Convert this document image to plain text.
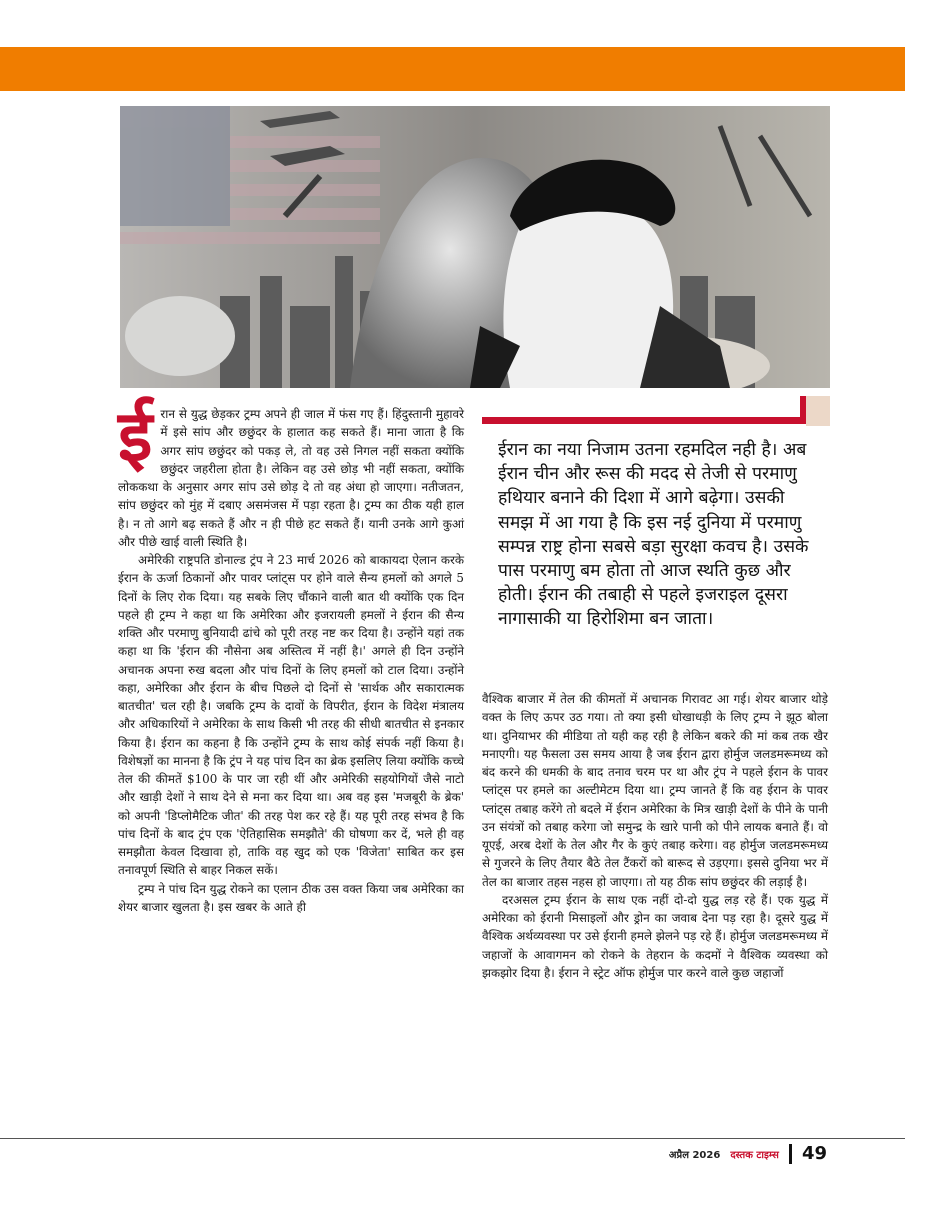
ई रान से युद्ध छेड़कर ट्रम्प अपने ही जाल में फंस गए हैं। हिंदुस्तानी मुहावरे में इसे सांप और छछुंदर के हालात कह सकते हैं। माना जाता है कि अगर सांप छछुंदर को पकड़ ले, तो वह उसे निगल नहीं सकता क्योंकि छछुंदर जहरीला होता है। लेकिन वह उसे छोड़ भी नहीं सकता, क्योंकि लोककथा के अनुसार अगर सांप उसे छोड़ दे तो वह अंधा हो जाएगा। नतीजतन, सांप छछुंदर को मुंह में दबाए असमंजस में पड़ा रहता है। ट्रम्प का ठीक यही हाल है। न तो आगे बढ़ सकते हैं और न ही पीछे हट सकते हैं। यानी उनके आगे कुआं और पीछे खाई वाली स्थिति है।

अमेरिकी राष्ट्रपति डोनाल्ड ट्रंप ने 23 मार्च 2026 को बाकायदा ऐलान करके ईरान के ऊर्जा ठिकानों और पावर प्लांट्स पर होने वाले सैन्य हमलों को अगले 5 दिनों के लिए रोक दिया। यह सबके लिए चौंकाने वाली बात थी क्योंकि एक दिन पहले ही ट्रम्प ने कहा था कि अमेरिका और इजरायली हमलों ने ईरान की सैन्य शक्ति और परमाणु बुनियादी ढांचे को पूरी तरह नष्ट कर दिया है। उन्होंने यहां तक कहा था कि 'ईरान की नौसेना अब अस्तित्व में नहीं है।' अगले ही दिन उन्होंने अचानक अपना रुख बदला और पांच दिनों के लिए हमलों को टाल दिया। उन्होंने कहा, अमेरिका और ईरान के बीच पिछले दो दिनों से 'सार्थक और सकारात्मक बातचीत' चल रही है। जबकि ट्रम्प के दावों के विपरीत, ईरान के विदेश मंत्रालय और अधिकारियों ने अमेरिका के साथ किसी भी तरह की सीधी बातचीत से इनकार किया है। ईरान का कहना है कि उन्होंने ट्रम्प के साथ कोई संपर्क नहीं किया है। विशेषज्ञों का मानना है कि ट्रंप ने यह पांच दिन का ब्रेक इसलिए लिया क्योंकि कच्चे तेल की कीमतें $100 के पार जा रही थीं और अमेरिकी सहयोगियों जैसे नाटो और खाड़ी देशों ने साथ देने से मना कर दिया था। अब वह इस 'मजबूरी के ब्रेक' को अपनी 'डिप्लोमैटिक जीत' की तरह पेश कर रहे हैं। यह पूरी तरह संभव है कि पांच दिनों के बाद ट्रंप एक 'ऐतिहासिक समझौते' की घोषणा कर दें, भले ही वह समझौता केवल दिखावा हो, ताकि वह खुद को एक 'विजेता' साबित कर इस तनावपूर्ण स्थिति से बाहर निकल सकें।

ट्रम्प ने पांच दिन युद्ध रोकने का एलान ठीक उस वक्त किया जब अमेरिका का शेयर बाजार खुलता है। इस खबर के आते ही

ईरान का नया निजाम उतना रहमदिल नही है। अब ईरान चीन और रूस की मदद से तेजी से परमाणु हथियार बनाने की दिशा में आगे बढ़ेगा। उसकी समझ में आ गया है कि इस नई दुनिया में परमाणु सम्पन्न राष्ट्र होना सबसे बड़ा सुरक्षा कवच है। उसके पास परमाणु बम होता तो आज स्थति कुछ और होती। ईरान की तबाही से पहले इजराइल दूसरा नागासाकी या हिरोशिमा बन जाता।

वैश्विक बाजार में तेल की कीमतों में अचानक गिरावट आ गई। शेयर बाजार थोड़े वक्त के लिए ऊपर उठ गया। तो क्या इसी धोखाधड़ी के लिए ट्रम्प ने झूठ बोला था। दुनियाभर की मीडिया तो यही कह रही है लेकिन बकरे की मां कब तक खैर मनाएगी। यह फैसला उस समय आया है जब ईरान द्वारा होर्मुज जलडमरूमध्य को बंद करने की धमकी के बाद तनाव चरम पर था और ट्रंप ने पहले ईरान के पावर प्लांट्स पर हमले का अल्टीमेटम दिया था। ट्रम्प जानते हैं कि वह ईरान के पावर प्लांट्स तबाह करेंगे तो बदले में ईरान अमेरिका के मित्र खाड़ी देशों के पीने के पानी उन संयंत्रों को तबाह करेगा जो समुन्द्र के खारे पानी को पीने लायक बनाते हैं। वो यूएई, अरब देशों के तेल और गैर के कुएं तबाह करेगा। वह होर्मुज जलडमरूमध्य से गुजरने के लिए तैयार बैठे तेल टैंकरों को बारूद से उड़एगा। इससे दुनिया भर में तेल का बाजार तहस नहस हो जाएगा। तो यह ठीक सांप छछुंदर की लड़ाई है।

दरअसल ट्रम्प ईरान के साथ एक नहीं दो-दो युद्ध लड़ रहे हैं। एक युद्ध में अमेरिका को ईरानी मिसाइलों और ड्रोन का जवाब देना पड़ रहा है। दूसरे युद्ध में वैश्विक अर्थव्यवस्था पर उसे ईरानी हमले झेलने पड़ रहे हैं। होर्मुज जलडमरूमध्य में जहाजों के आवागमन को रोकने के तेहरान के कदमों ने वैश्विक व्यवस्था को झकझोर दिया है। ईरान ने स्ट्रेट ऑफ होर्मुज पार करने वाले कुछ जहाजों

अप्रैल 2026 दस्तक टाइम्स 49
